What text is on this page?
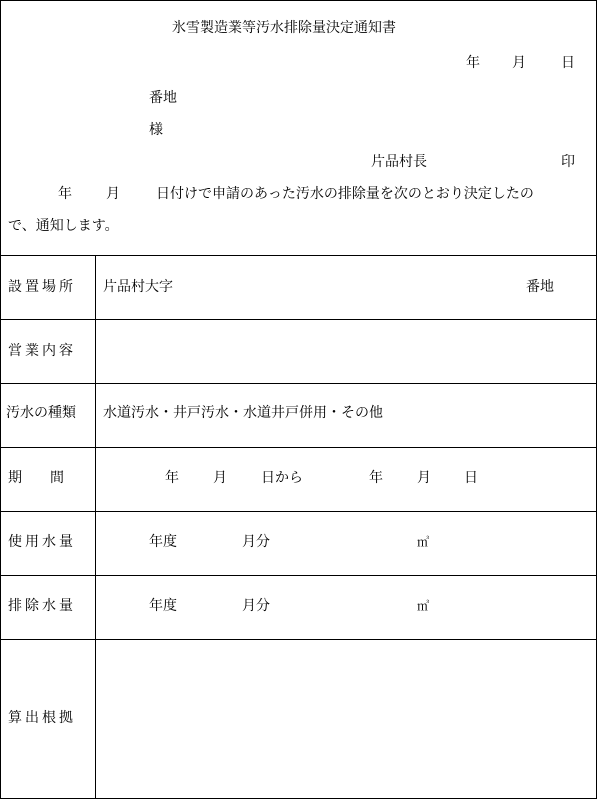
氷雪製造業等汚水排除量決定通知書
年 月	日
番地
様
片品村長	印
年 月	日付けで申請のあった汚水の排除量を次のとおり決定したの
で、通知します。
設置場所 片品村大字	番地
営業内容
汚水の種類 水道汚水・井戸汚水・水道井戸併用・その他
期　　間	年 月 日から	年 月 日
使用水量	年度	月分	㎥
排除水量	年度	月分	㎥
算出根拠
